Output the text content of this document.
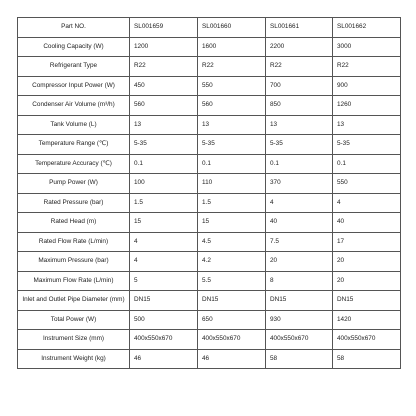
Part NO.	SL001659	SL001660	SL001661	SL001662
Cooling Capacity (W)	1200	1600	2200	3000
Refrigerant Type	R22	R22	R22	R22
Compressor Input Power (W)	450	550	700	900
Condenser Air Volume (m³/h)	560	560	850	1260
Tank Volume (L)	13	13	13	13
Temperature Range (℃)	5-35	5-35	5-35	5-35
Temperature Accuracy (℃)	0.1	0.1	0.1	0.1
Pump Power (W)	100	110	370	550
Rated Pressure (bar)	1.5	1.5	4	4
Rated Head (m)	15	15	40	40
Rated Flow Rate (L/min)	4	4.5	7.5	17
Maximum Pressure (bar)	4	4.2	20	20
Maximum Flow Rate (L/min)	5	5.5	8	20
Inlet and Outlet Pipe Diameter (mm)	DN15	DN15	DN15	DN15
Total Power (W)	500	650	930	1420
Instrument Size (mm)	400x550x670	400x550x670	400x550x670	400x550x670
Instrument Weight (kg)	46	46	58	58
